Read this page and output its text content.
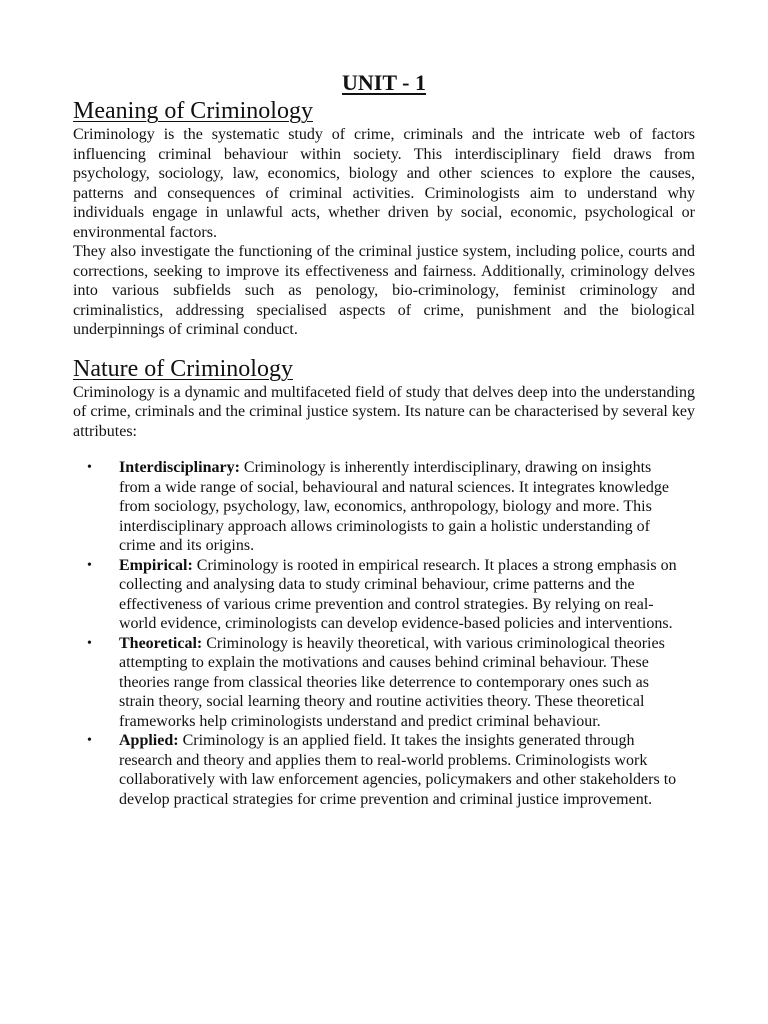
UNIT - 1
Meaning of Criminology

Criminology is the systematic study of crime, criminals and the intricate web of factors influencing criminal behaviour within society. This interdisciplinary field draws from psychology, sociology, law, economics, biology and other sciences to explore the causes, patterns and consequences of criminal activities. Criminologists aim to understand why individuals engage in unlawful acts, whether driven by social, economic, psychological or environmental factors.

They also investigate the functioning of the criminal justice system, including police, courts and corrections, seeking to improve its effectiveness and fairness. Additionally, criminology delves into various subfields such as penology, bio-criminology, feminist criminology and criminalistics, addressing specialised aspects of crime, punishment and the biological underpinnings of criminal conduct.

Nature of Criminology

Criminology is a dynamic and multifaceted field of study that delves deep into the understanding of crime, criminals and the criminal justice system. Its nature can be characterised by several key attributes:

• Interdisciplinary: Criminology is inherently interdisciplinary, drawing on insights from a wide range of social, behavioural and natural sciences. It integrates knowledge from sociology, psychology, law, economics, anthropology, biology and more. This interdisciplinary approach allows criminologists to gain a holistic understanding of crime and its origins.
• Empirical: Criminology is rooted in empirical research. It places a strong emphasis on collecting and analysing data to study criminal behaviour, crime patterns and the effectiveness of various crime prevention and control strategies. By relying on real-world evidence, criminologists can develop evidence-based policies and interventions.
• Theoretical: Criminology is heavily theoretical, with various criminological theories attempting to explain the motivations and causes behind criminal behaviour. These theories range from classical theories like deterrence to contemporary ones such as strain theory, social learning theory and routine activities theory. These theoretical frameworks help criminologists understand and predict criminal behaviour.
• Applied: Criminology is an applied field. It takes the insights generated through research and theory and applies them to real-world problems. Criminologists work collaboratively with law enforcement agencies, policymakers and other stakeholders to develop practical strategies for crime prevention and criminal justice improvement.
